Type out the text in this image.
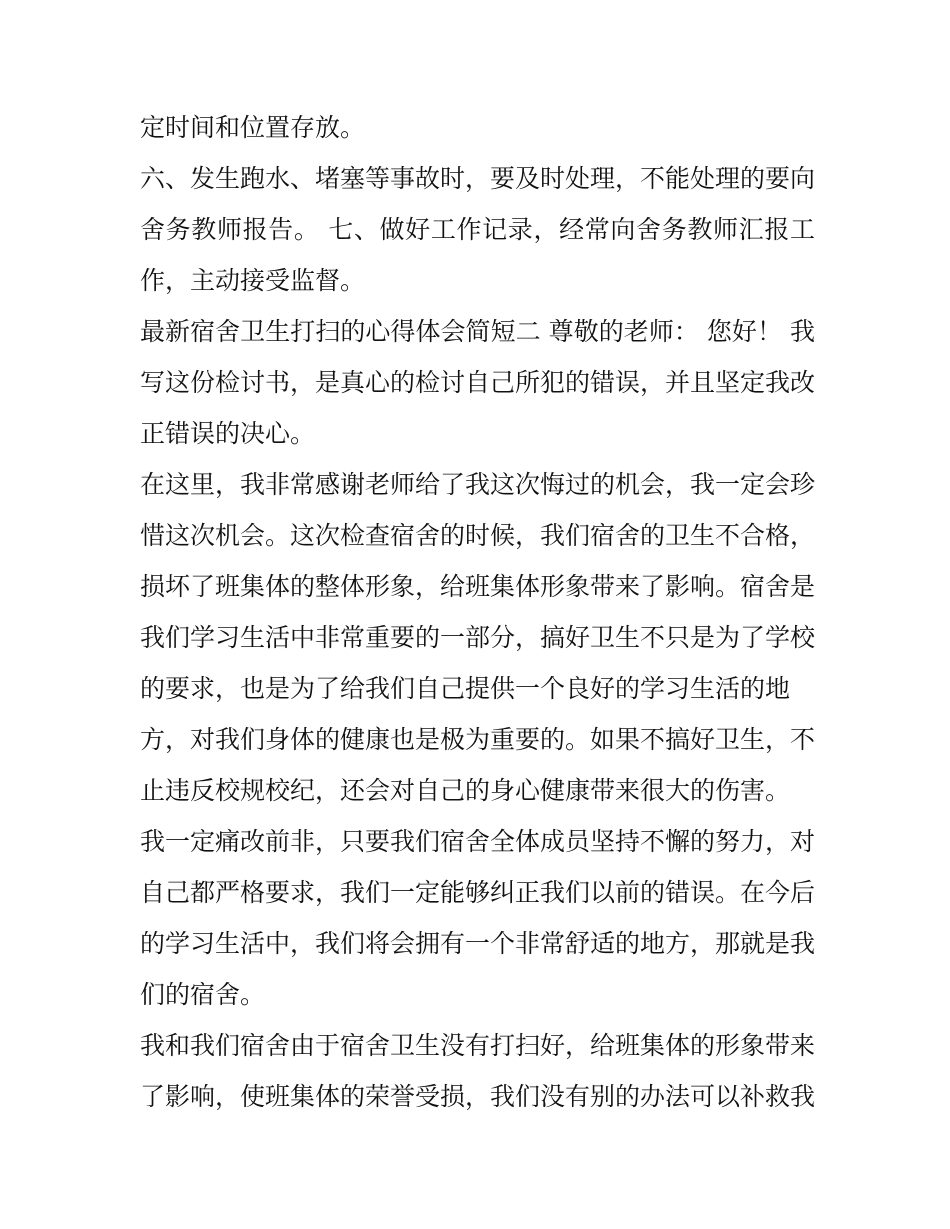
定时间和位置存放。

六、发生跑水、堵塞等事故时，要及时处理，不能处理的要向

舍务教师报告。 七、做好工作记录，经常向舍务教师汇报工

作，主动接受监督。

最新宿舍卫生打扫的心得体会简短二 尊敬的老师： 您好！ 我

写这份检讨书，是真心的检讨自己所犯的错误，并且坚定我改

正错误的决心。

在这里，我非常感谢老师给了我这次悔过的机会，我一定会珍

惜这次机会。这次检查宿舍的时候，我们宿舍的卫生不合格，

损坏了班集体的整体形象，给班集体形象带来了影响。宿舍是

我们学习生活中非常重要的一部分，搞好卫生不只是为了学校

的要求，也是为了给我们自己提供一个良好的学习生活的地

方，对我们身体的健康也是极为重要的。如果不搞好卫生，不

止违反校规校纪，还会对自己的身心健康带来很大的伤害。

我一定痛改前非，只要我们宿舍全体成员坚持不懈的努力，对

自己都严格要求，我们一定能够纠正我们以前的错误。在今后

的学习生活中，我们将会拥有一个非常舒适的地方，那就是我

们的宿舍。

我和我们宿舍由于宿舍卫生没有打扫好，给班集体的形象带来

了影响，使班集体的荣誉受损，我们没有别的办法可以补救我
